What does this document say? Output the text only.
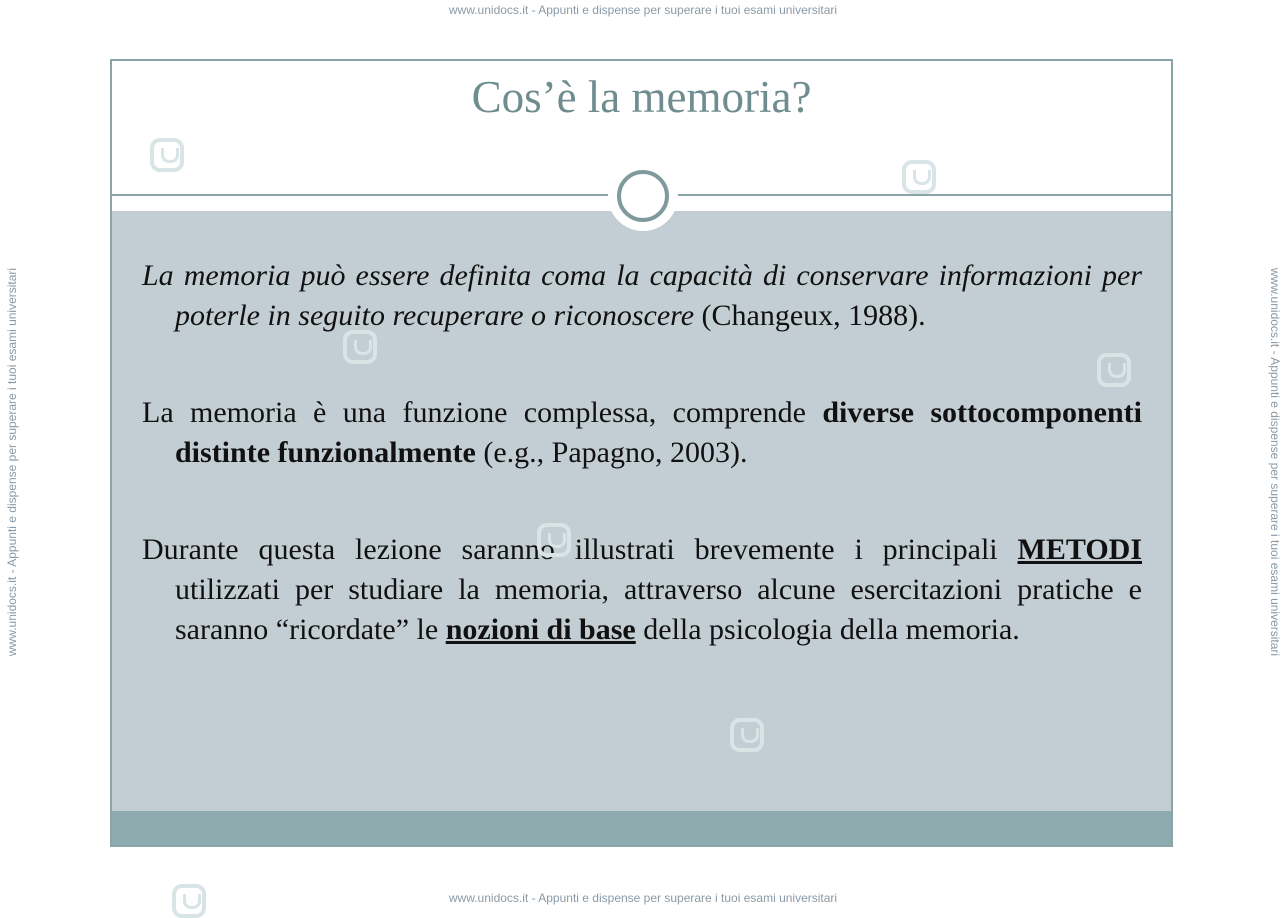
www.unidocs.it - Appunti e dispense per superare i tuoi esami universitari
www.unidocs.it - Appunti e dispense per superare i tuoi esami universitari
www.unidocs.it - Appunti e dispense per superare i tuoi esami universitari	www.unidocs.it - Appunti e dispense per superare i tuoi esami universitari
Cos’è la memoria?

La memoria può essere definita coma la capacità di conservare informazioni per poterle in seguito recuperare o riconoscere (Changeux, 1988).

La memoria è una funzione complessa, comprende diverse sottocomponenti distinte funzionalmente (e.g., Papagno, 2003).

Durante questa lezione saranno illustrati brevemente i principali METODI utilizzati per studiare la memoria, attraverso alcune esercitazioni pratiche e saranno “ricordate” le nozioni di base della psicologia della memoria.
